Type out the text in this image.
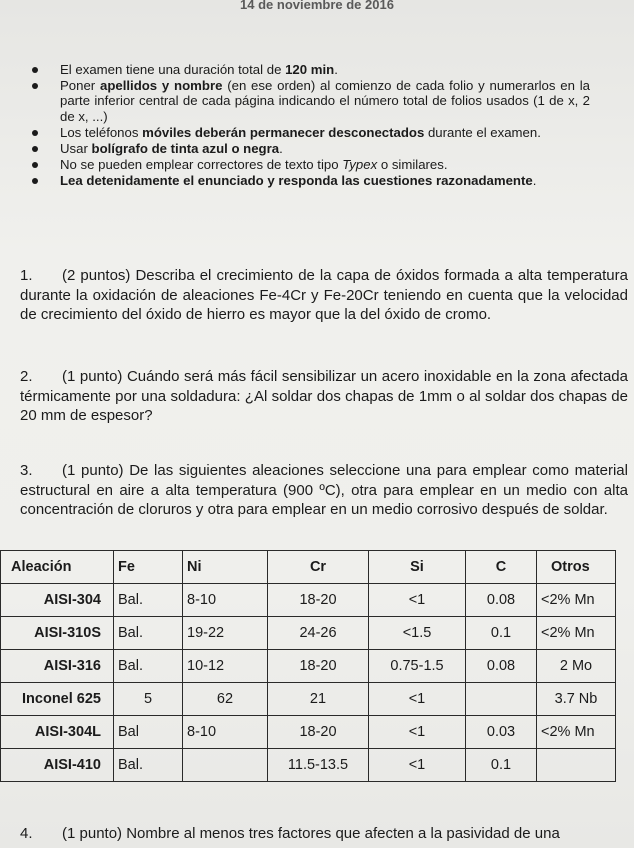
14 de noviembre de 2016
El examen tiene una duración total de 120 min.
Poner apellidos y nombre (en ese orden) al comienzo de cada folio y numerarlos en la parte inferior central de cada página indicando el número total de folios usados (1 de x, 2 de x, ...)
Los teléfonos móviles deberán permanecer desconectados durante el examen.
Usar bolígrafo de tinta azul o negra.
No se pueden emplear correctores de texto tipo Typex o similares.
Lea detenidamente el enunciado y responda las cuestiones razonadamente.
1. (2 puntos) Describa el crecimiento de la capa de óxidos formada a alta temperatura durante la oxidación de aleaciones Fe-4Cr y Fe-20Cr teniendo en cuenta que la velocidad de crecimiento del óxido de hierro es mayor que la del óxido de cromo.
2. (1 punto) Cuándo será más fácil sensibilizar un acero inoxidable en la zona afectada térmicamente por una soldadura: ¿Al soldar dos chapas de 1mm o al soldar dos chapas de 20 mm de espesor?
3. (1 punto) De las siguientes aleaciones seleccione una para emplear como material estructural en aire a alta temperatura (900 ºC), otra para emplear en un medio con alta concentración de cloruros y otra para emplear en un medio corrosivo después de soldar.
Aleación	Fe	Ni	Cr	Si	C	Otros
AISI-304	Bal.	8-10	18-20	<1	0.08	<2% Mn
AISI-310S	Bal.	19-22	24-26	<1.5	0.1	<2% Mn
AISI-316	Bal.	10-12	18-20	0.75-1.5	0.08	2 Mo
Inconel 625	5	62	21	<1		3.7 Nb
AISI-304L	Bal	8-10	18-20	<1	0.03	<2% Mn
AISI-410	Bal.		11.5-13.5	<1	0.1	
4. (1 punto) Nombre al menos tres factores que afecten a la pasividad de una
